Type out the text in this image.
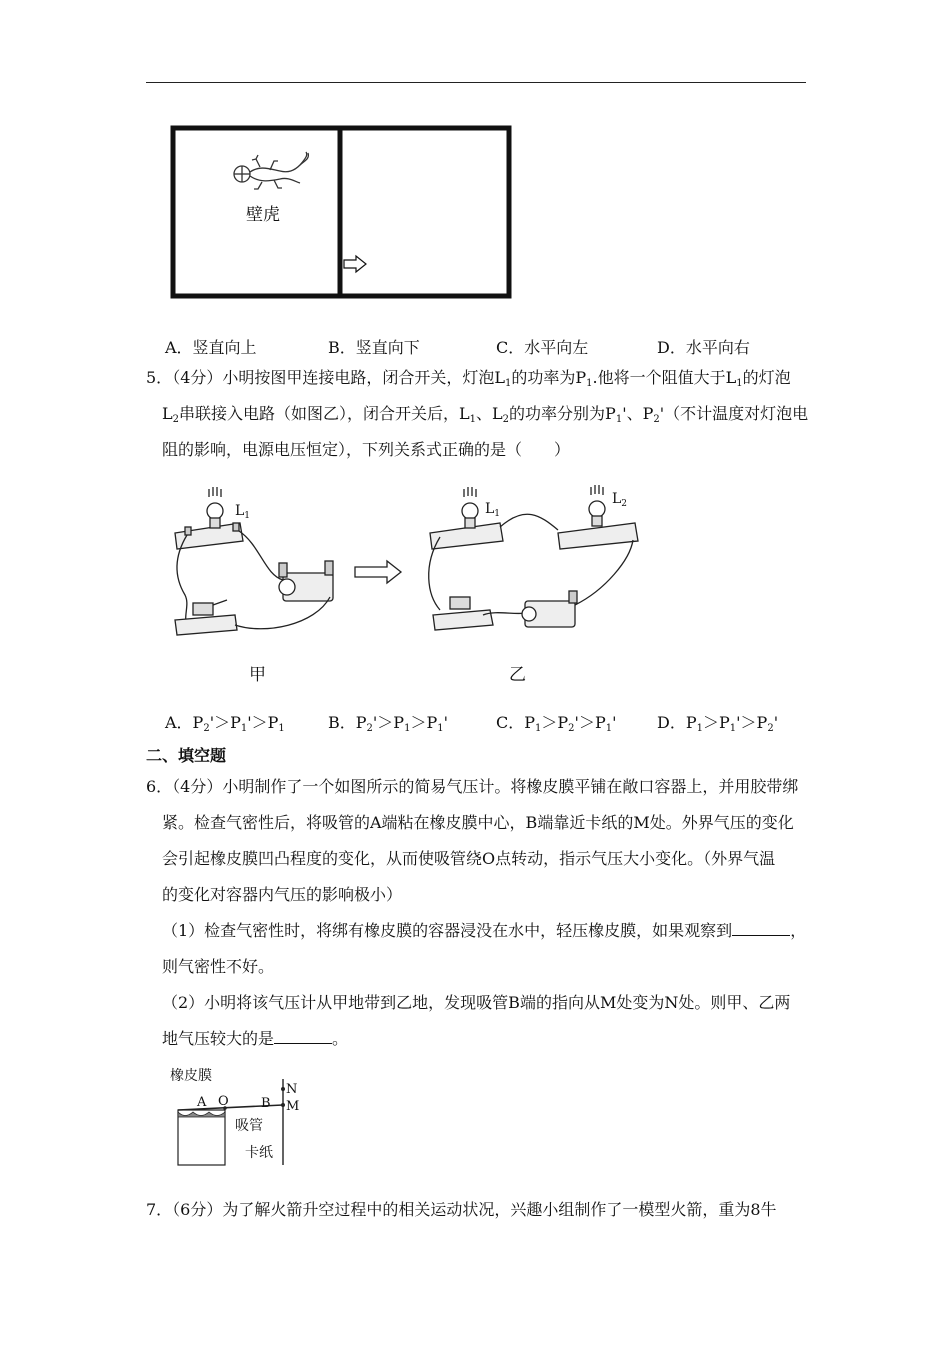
壁虎
A．竖直向上	B．竖直向下	C．水平向左	D．水平向右
5．（4分）小明按图甲连接电路，闭合开关，灯泡$L_1$的功率为$P_1$.他将一个阻值大于$L_1$的灯泡
$L_2$串联接入电路（如图乙），闭合开关后，$L_1$、$L_2$的功率分别为$P_1'$、$P_2'$（不计温度对灯泡电
阻的影响，电源电压恒定），下列关系式正确的是（　　）
$L_1$	$L_1$
$L_2$
甲	乙
A．$P_2'>P_1'>P_1$	B．$P_2'>P_1>P_1'$	C．$P_1>P_2'>P_1'$	D．$P_1>P_1'>P_2'$
二、填空题
6．（4分）小明制作了一个如图所示的简易气压计。将橡皮膜平铺在敞口容器上，并用胶带绑
紧。检查气密性后，将吸管的A端粘在橡皮膜中心，B端靠近卡纸的M处。外界气压的变化
会引起橡皮膜凹凸程度的变化，从而使吸管绕O点转动，指示气压大小变化。（外界气温
的变化对容器内气压的影响极小）
（1）检查气密性时，将绑有橡皮膜的容器浸没在水中，轻压橡皮膜，如果观察到	，
则气密性不好。
（2）小明将该气压计从甲地带到乙地，发现吸管B端的指向从M处变为N处。则甲、乙两
地气压较大的是	。
橡皮膜
A O B
N
M
吸管
卡纸
7．（6分）为了解火箭升空过程中的相关运动状况，兴趣小组制作了一模型火箭，重为8牛
